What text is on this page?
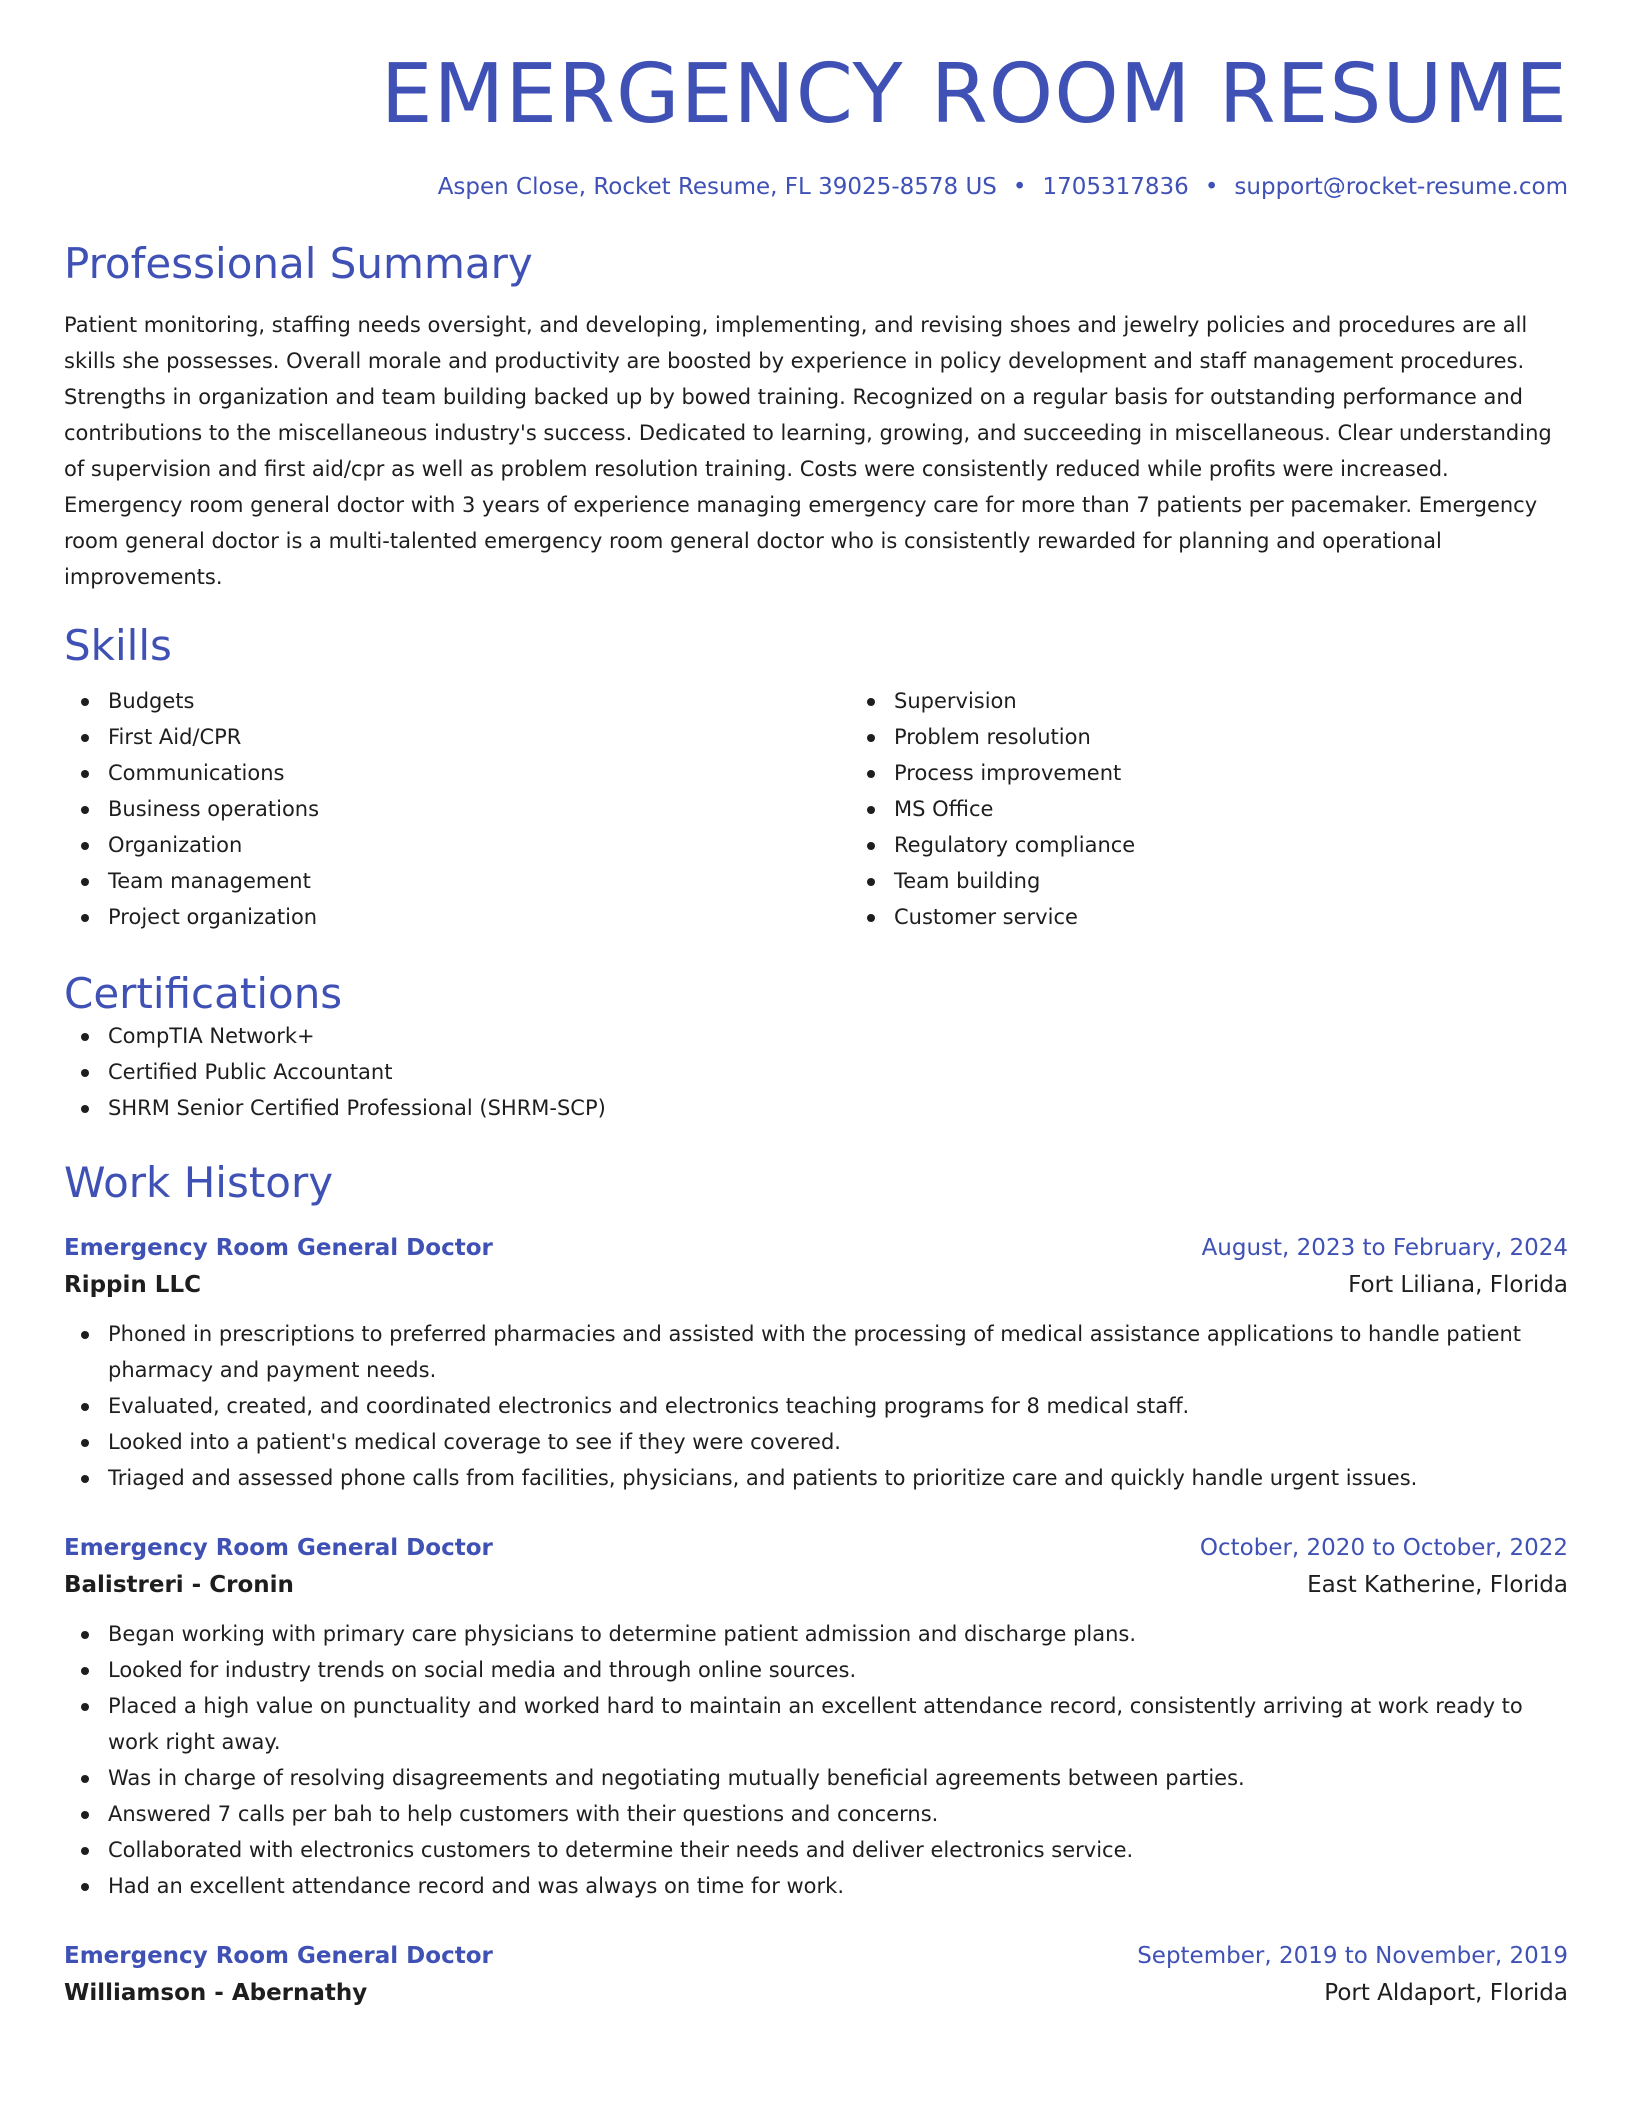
EMERGENCY ROOM RESUME
Aspen Close, Rocket Resume, FL 39025-8578 US • 1705317836 • support@rocket-resume.com
Professional Summary
Patient monitoring, staffing needs oversight, and developing, implementing, and revising shoes and jewelry policies and procedures are all skills she possesses. Overall morale and productivity are boosted by experience in policy development and staff management procedures. Strengths in organization and team building backed up by bowed training. Recognized on a regular basis for outstanding performance and contributions to the miscellaneous industry's success. Dedicated to learning, growing, and succeeding in miscellaneous. Clear understanding of supervision and first aid/cpr as well as problem resolution training. Costs were consistently reduced while profits were increased. Emergency room general doctor with 3 years of experience managing emergency care for more than 7 patients per pacemaker. Emergency room general doctor is a multi-talented emergency room general doctor who is consistently rewarded for planning and operational improvements.
Skills
Budgets
First Aid/CPR
Communications
Business operations
Organization
Team management
Project organization
Supervision
Problem resolution
Process improvement
MS Office
Regulatory compliance
Team building
Customer service
Certifications
CompTIA Network+
Certified Public Accountant
SHRM Senior Certified Professional (SHRM-SCP)
Work History
Emergency Room General Doctor	August, 2023 to February, 2024
Rippin LLC	Fort Liliana, Florida
Phoned in prescriptions to preferred pharmacies and assisted with the processing of medical assistance applications to handle patient pharmacy and payment needs.
Evaluated, created, and coordinated electronics and electronics teaching programs for 8 medical staff.
Looked into a patient's medical coverage to see if they were covered.
Triaged and assessed phone calls from facilities, physicians, and patients to prioritize care and quickly handle urgent issues.
Emergency Room General Doctor	October, 2020 to October, 2022
Balistreri - Cronin	East Katherine, Florida
Began working with primary care physicians to determine patient admission and discharge plans.
Looked for industry trends on social media and through online sources.
Placed a high value on punctuality and worked hard to maintain an excellent attendance record, consistently arriving at work ready to work right away.
Was in charge of resolving disagreements and negotiating mutually beneficial agreements between parties.
Answered 7 calls per bah to help customers with their questions and concerns.
Collaborated with electronics customers to determine their needs and deliver electronics service.
Had an excellent attendance record and was always on time for work.
Emergency Room General Doctor	September, 2019 to November, 2019
Williamson - Abernathy	Port Aldaport, Florida
